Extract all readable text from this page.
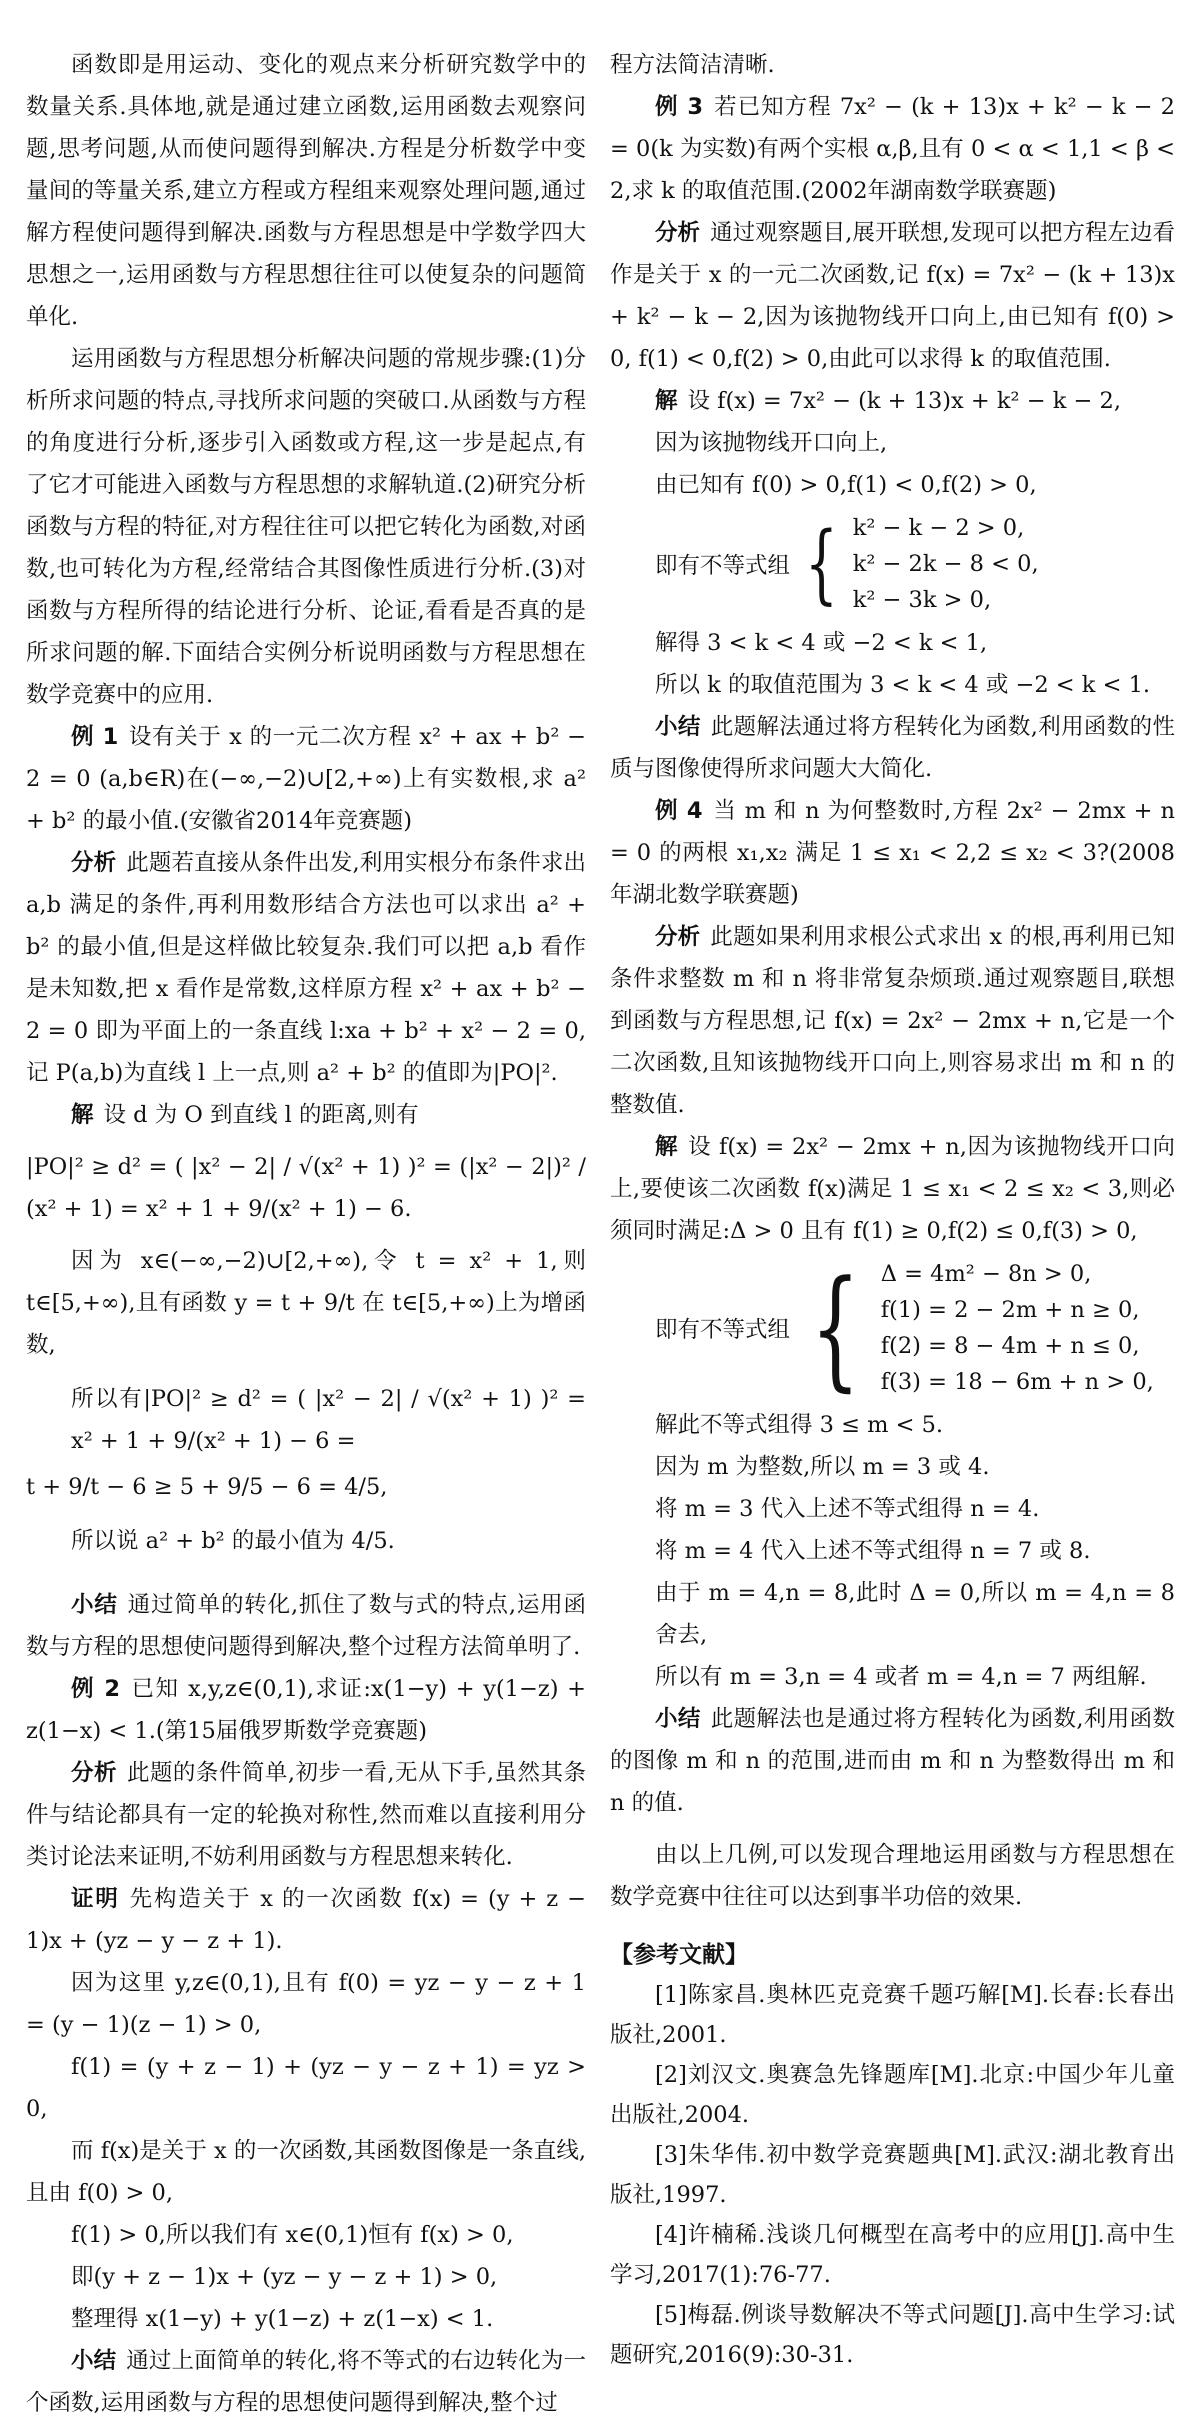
函数即是用运动、变化的观点来分析研究数学中的数量关系.具体地,就是通过建立函数,运用函数去观察问题,思考问题,从而使问题得到解决.方程是分析数学中变量间的等量关系,建立方程或方程组来观察处理问题,通过解方程使问题得到解决.函数与方程思想是中学数学四大思想之一,运用函数与方程思想往往可以使复杂的问题简单化.

运用函数与方程思想分析解决问题的常规步骤:(1)分析所求问题的特点,寻找所求问题的突破口.从函数与方程的角度进行分析,逐步引入函数或方程,这一步是起点,有了它才可能进入函数与方程思想的求解轨道.(2)研究分析函数与方程的特征,对方程往往可以把它转化为函数,对函数,也可转化为方程,经常结合其图像性质进行分析.(3)对函数与方程所得的结论进行分析、论证,看看是否真的是所求问题的解.下面结合实例分析说明函数与方程思想在数学竞赛中的应用.

例 1 设有关于 x 的一元二次方程 x² + ax + b² − 2 = 0 (a,b∈R)在(−∞,−2)∪[2,+∞)上有实数根,求 a² + b² 的最小值.(安徽省2014年竞赛题)

分析 此题若直接从条件出发,利用实根分布条件求出 a,b 满足的条件,再利用数形结合方法也可以求出 a² + b² 的最小值,但是这样做比较复杂.我们可以把 a,b 看作是未知数,把 x 看作是常数,这样原方程 x² + ax + b² − 2 = 0 即为平面上的一条直线 l:xa + b² + x² − 2 = 0,记 P(a,b)为直线 l 上一点,则 a² + b² 的值即为|PO|².

解 设 d 为 O 到直线 l 的距离,则有

|PO|² ≥ d² = ( |x² − 2| / √(x² + 1) )² = (|x² − 2|)² / (x² + 1) = x² + 1 + 9/(x² + 1) − 6.

因为 x∈(−∞,−2)∪[2,+∞),令 t = x² + 1,则 t∈[5,+∞),且有函数 y = t + 9/t 在 t∈[5,+∞)上为增函数,

所以有|PO|² ≥ d² = ( |x² − 2| / √(x² + 1) )² = x² + 1 + 9/(x² + 1) − 6 =

t + 9/t − 6 ≥ 5 + 9/5 − 6 = 4/5,

所以说 a² + b² 的最小值为 4/5.

小结 通过简单的转化,抓住了数与式的特点,运用函数与方程的思想使问题得到解决,整个过程方法简单明了.

例 2 已知 x,y,z∈(0,1),求证:x(1−y) + y(1−z) + z(1−x) < 1.(第15届俄罗斯数学竞赛题)

分析 此题的条件简单,初步一看,无从下手,虽然其条件与结论都具有一定的轮换对称性,然而难以直接利用分类讨论法来证明,不妨利用函数与方程思想来转化.

证明 先构造关于 x 的一次函数 f(x) = (y + z − 1)x + (yz − y − z + 1).

因为这里 y,z∈(0,1),且有 f(0) = yz − y − z + 1 = (y − 1)(z − 1) > 0,

f(1) = (y + z − 1) + (yz − y − z + 1) = yz > 0,

而 f(x)是关于 x 的一次函数,其函数图像是一条直线,且由 f(0) > 0,

f(1) > 0,所以我们有 x∈(0,1)恒有 f(x) > 0,

即(y + z − 1)x + (yz − y − z + 1) > 0,

整理得 x(1−y) + y(1−z) + z(1−x) < 1.

小结 通过上面简单的转化,将不等式的右边转化为一个函数,运用函数与方程的思想使问题得到解决,整个过

程方法简洁清晰.

例 3 若已知方程 7x² − (k + 13)x + k² − k − 2 = 0(k 为实数)有两个实根 α,β,且有 0 < α < 1,1 < β < 2,求 k 的取值范围.(2002年湖南数学联赛题)

分析 通过观察题目,展开联想,发现可以把方程左边看作是关于 x 的一元二次函数,记 f(x) = 7x² − (k + 13)x + k² − k − 2,因为该抛物线开口向上,由已知有 f(0) > 0, f(1) < 0,f(2) > 0,由此可以求得 k 的取值范围.

解 设 f(x) = 7x² − (k + 13)x + k² − k − 2,

因为该抛物线开口向上,

由已知有 f(0) > 0,f(1) < 0,f(2) > 0,

即有不等式组 { k² − k − 2 > 0,
k² − 2k − 8 < 0,
k² − 3k > 0,

解得 3 < k < 4 或 −2 < k < 1,

所以 k 的取值范围为 3 < k < 4 或 −2 < k < 1.

小结 此题解法通过将方程转化为函数,利用函数的性质与图像使得所求问题大大简化.

例 4 当 m 和 n 为何整数时,方程 2x² − 2mx + n = 0 的两根 x₁,x₂ 满足 1 ≤ x₁ < 2,2 ≤ x₂ < 3?(2008年湖北数学联赛题)

分析 此题如果利用求根公式求出 x 的根,再利用已知条件求整数 m 和 n 将非常复杂烦琐.通过观察题目,联想到函数与方程思想,记 f(x) = 2x² − 2mx + n,它是一个二次函数,且知该抛物线开口向上,则容易求出 m 和 n 的整数值.

解 设 f(x) = 2x² − 2mx + n,因为该抛物线开口向上,要使该二次函数 f(x)满足 1 ≤ x₁ < 2 ≤ x₂ < 3,则必须同时满足:Δ > 0 且有 f(1) ≥ 0,f(2) ≤ 0,f(3) > 0,

即有不等式组 { Δ = 4m² − 8n > 0,
f(1) = 2 − 2m + n ≥ 0,
f(2) = 8 − 4m + n ≤ 0,
f(3) = 18 − 6m + n > 0,

解此不等式组得 3 ≤ m < 5.

因为 m 为整数,所以 m = 3 或 4.

将 m = 3 代入上述不等式组得 n = 4.

将 m = 4 代入上述不等式组得 n = 7 或 8.

由于 m = 4,n = 8,此时 Δ = 0,所以 m = 4,n = 8 舍去,

所以有 m = 3,n = 4 或者 m = 4,n = 7 两组解.

小结 此题解法也是通过将方程转化为函数,利用函数的图像 m 和 n 的范围,进而由 m 和 n 为整数得出 m 和 n 的值.

由以上几例,可以发现合理地运用函数与方程思想在数学竞赛中往往可以达到事半功倍的效果.

【参考文献】

[1]陈家昌.奥林匹克竞赛千题巧解[M].长春:长春出版社,2001.

[2]刘汉文.奥赛急先锋题库[M].北京:中国少年儿童出版社,2004.

[3]朱华伟.初中数学竞赛题典[M].武汉:湖北教育出版社,1997.

[4]许楠稀.浅谈几何概型在高考中的应用[J].高中生学习,2017(1):76-77.

[5]梅磊.例谈导数解决不等式问题[J].高中生学习:试题研究,2016(9):30-31.
